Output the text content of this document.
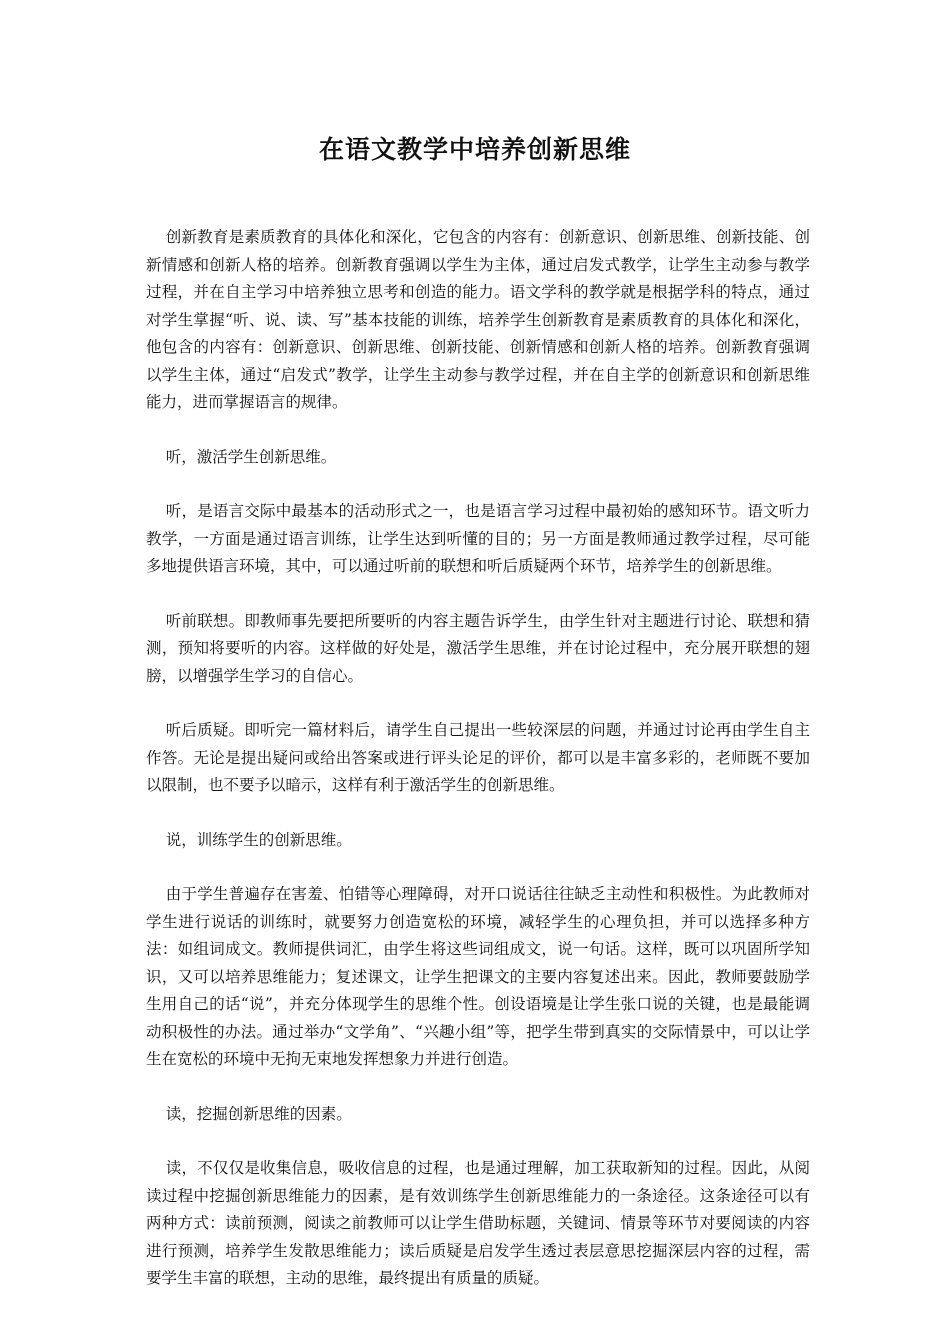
在语文教学中培养创新思维

创新教育是素质教育的具体化和深化，它包含的内容有：创新意识、创新思维、创新技能、创新情感和创新人格的培养。创新教育强调以学生为主体，通过启发式教学，让学生主动参与教学过程，并在自主学习中培养独立思考和创造的能力。语文学科的教学就是根据学科的特点，通过对学生掌握“听、说、读、写”基本技能的训练，培养学生创新教育是素质教育的具体化和深化，他包含的内容有：创新意识、创新思维、创新技能、创新情感和创新人格的培养。创新教育强调以学生主体，通过“启发式”教学，让学生主动参与教学过程，并在自主学的创新意识和创新思维能力，进而掌握语言的规律。

听，激活学生创新思维。

听，是语言交际中最基本的活动形式之一，也是语言学习过程中最初始的感知环节。语文听力教学，一方面是通过语言训练，让学生达到听懂的目的；另一方面是教师通过教学过程，尽可能多地提供语言环境，其中，可以通过听前的联想和听后质疑两个环节，培养学生的创新思维。

听前联想。即教师事先要把所要听的内容主题告诉学生，由学生针对主题进行讨论、联想和猜测，预知将要听的内容。这样做的好处是，激活学生思维，并在讨论过程中，充分展开联想的翅膀，以增强学生学习的自信心。

听后质疑。即听完一篇材料后，请学生自己提出一些较深层的问题，并通过讨论再由学生自主作答。无论是提出疑问或给出答案或进行评头论足的评价，都可以是丰富多彩的，老师既不要加以限制，也不要予以暗示，这样有利于激活学生的创新思维。

说，训练学生的创新思维。

由于学生普遍存在害羞、怕错等心理障碍，对开口说话往往缺乏主动性和积极性。为此教师对学生进行说话的训练时，就要努力创造宽松的环境，减轻学生的心理负担，并可以选择多种方法：如组词成文。教师提供词汇，由学生将这些词组成文，说一句话。这样，既可以巩固所学知识，又可以培养思维能力；复述课文，让学生把课文的主要内容复述出来。因此，教师要鼓励学生用自己的话“说”，并充分体现学生的思维个性。创设语境是让学生张口说的关键，也是最能调动积极性的办法。通过举办“文学角”、“兴趣小组”等，把学生带到真实的交际情景中，可以让学生在宽松的环境中无拘无束地发挥想象力并进行创造。

读，挖掘创新思维的因素。

读，不仅仅是收集信息，吸收信息的过程，也是通过理解，加工获取新知的过程。因此，从阅读过程中挖掘创新思维能力的因素，是有效训练学生创新思维能力的一条途径。这条途径可以有两种方式：读前预测，阅读之前教师可以让学生借助标题，关键词、情景等环节对要阅读的内容进行预测，培养学生发散思维能力；读后质疑是启发学生透过表层意思挖掘深层内容的过程，需要学生丰富的联想，主动的思维，最终提出有质量的质疑。
